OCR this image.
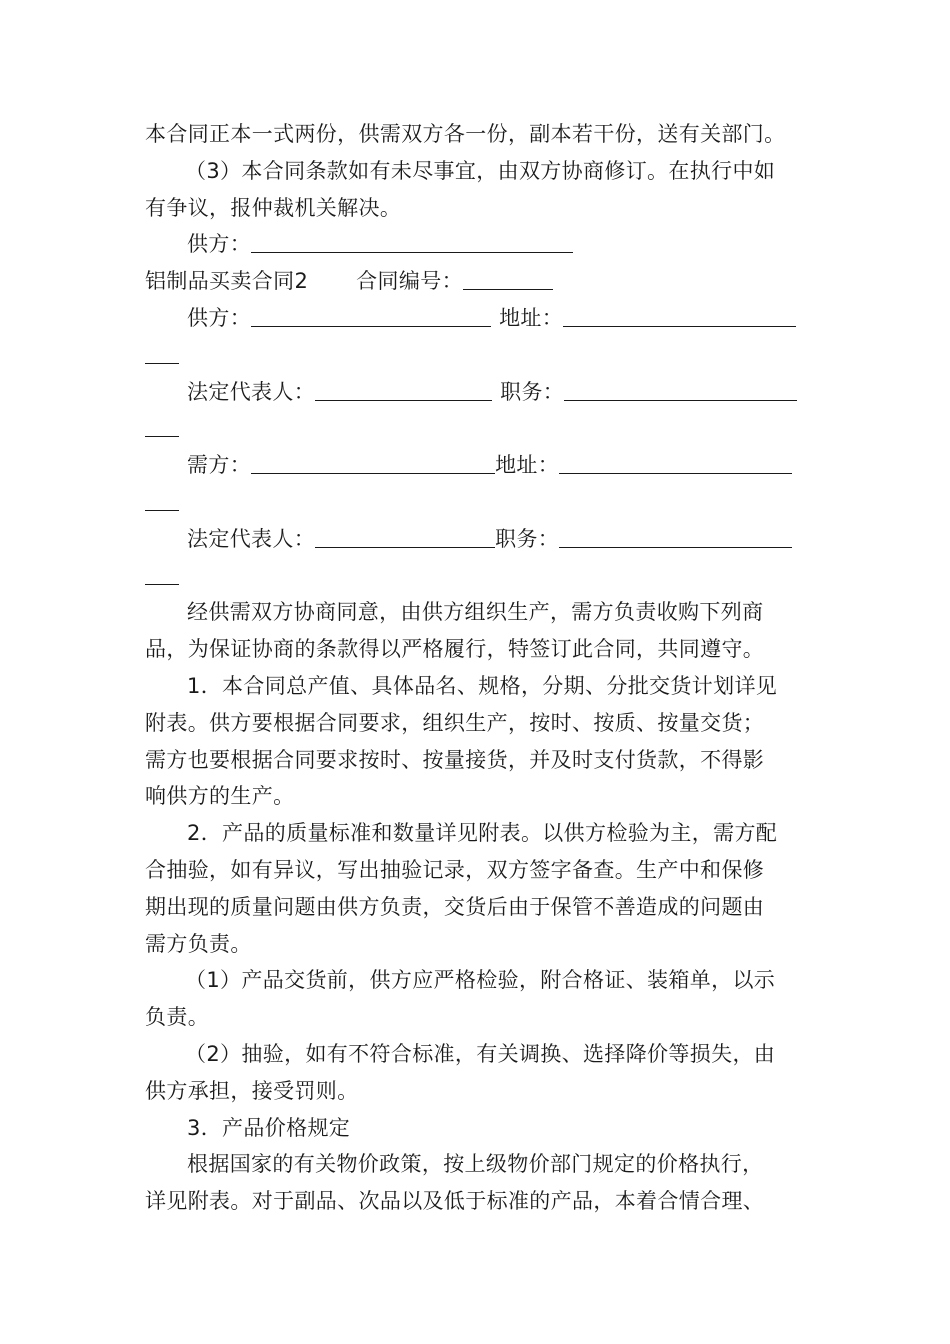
本合同正本一式两份，供需双方各一份，副本若干份，送有关部门。
（3）本合同条款如有未尽事宜，由双方协商修订。在执行中如
有争议，报仲裁机关解决。
供方：
铝制品买卖合同2 合同编号：
供方：	地址：
法定代表人：	职务：
需方：	地址：
法定代表人：	职务：
经供需双方协商同意，由供方组织生产，需方负责收购下列商
品，为保证协商的条款得以严格履行，特签订此合同，共同遵守。
1．本合同总产值、具体品名、规格，分期、分批交货计划详见
附表。供方要根据合同要求，组织生产，按时、按质、按量交货；
需方也要根据合同要求按时、按量接货，并及时支付货款，不得影
响供方的生产。
2．产品的质量标准和数量详见附表。以供方检验为主，需方配
合抽验，如有异议，写出抽验记录，双方签字备查。生产中和保修
期出现的质量问题由供方负责，交货后由于保管不善造成的问题由
需方负责。
（1）产品交货前，供方应严格检验，附合格证、装箱单，以示
负责。
（2）抽验，如有不符合标准，有关调换、选择降价等损失，由
供方承担，接受罚则。
3．产品价格规定
根据国家的有关物价政策，按上级物价部门规定的价格执行，
详见附表。对于副品、次品以及低于标准的产品，本着合情合理、
